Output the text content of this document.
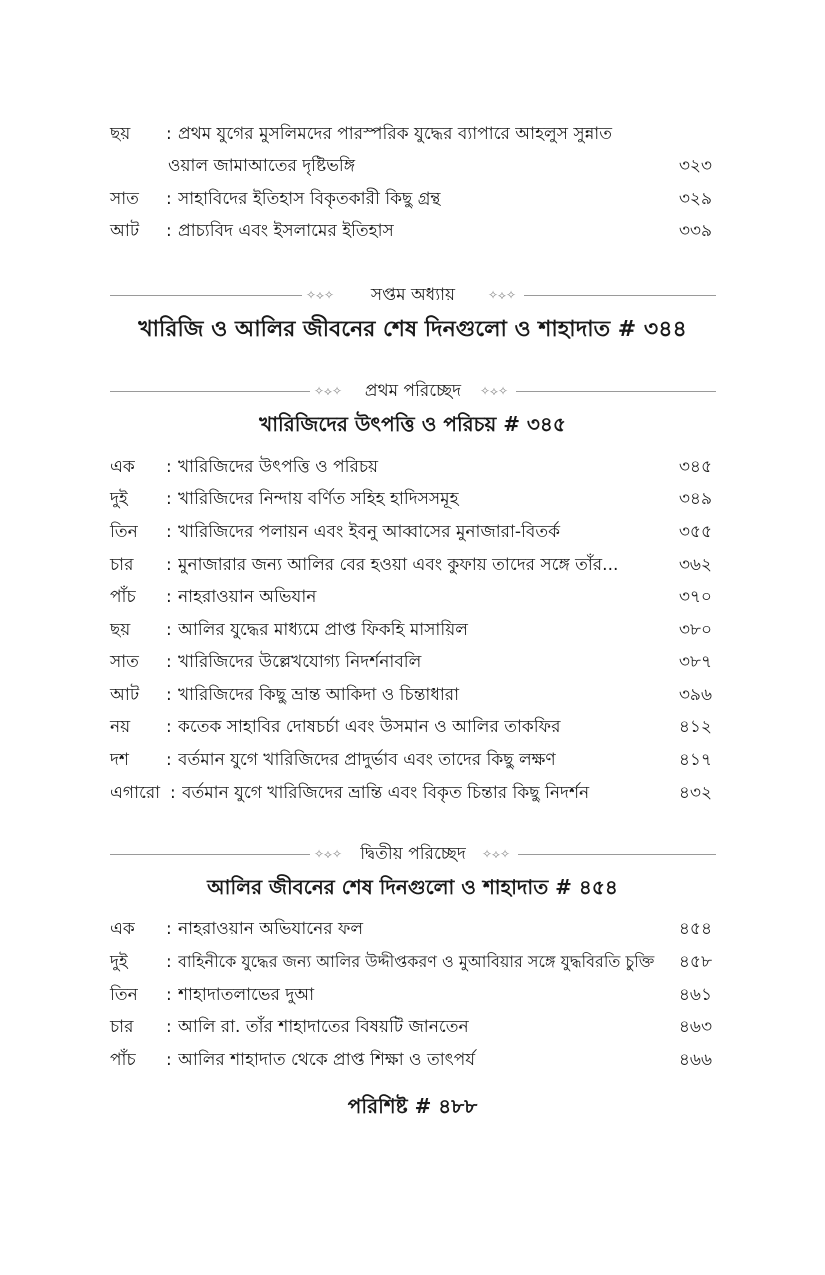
ছয় : প্রথম যুগের মুসলিমদের পারস্পরিক যুদ্ধের ব্যাপারে আহলুস সুন্নাত
ওয়াল জামাআতের দৃষ্টিভঙ্গি	৩২৩
সাত : সাহাবিদের ইতিহাস বিকৃতকারী কিছু গ্রন্থ	৩২৯
আট : প্রাচ্যবিদ এবং ইসলামের ইতিহাস	৩৩৯
✧⟡✧	সপ্তম অধ্যায়	✧⟡✧
খারিজি ও আলির জীবনের শেষ দিনগুলো ও শাহাদাত # ৩৪৪
✧⟡✧	প্রথম পরিচ্ছেদ	✧⟡✧
খারিজিদের উৎপত্তি ও পরিচয় # ৩৪৫
এক : খারিজিদের উৎপত্তি ও পরিচয়	৩৪৫
দুই : খারিজিদের নিন্দায় বর্ণিত সহিহ হাদিসসমূহ	৩৪৯
তিন : খারিজিদের পলায়ন এবং ইবনু আব্বাসের মুনাজারা-বিতর্ক	৩৫৫
চার : মুনাজারার জন্য আলির বের হওয়া এবং কুফায় তাদের সঙ্গে তাঁর...	৩৬২
পাঁচ : নাহরাওয়ান অভিযান	৩৭০
ছয় : আলির যুদ্ধের মাধ্যমে প্রাপ্ত ফিকহি মাসায়িল	৩৮০
সাত : খারিজিদের উল্লেখযোগ্য নিদর্শনাবলি	৩৮৭
আট : খারিজিদের কিছু ভ্রান্ত আকিদা ও চিন্তাধারা	৩৯৬
নয় : কতেক সাহাবির দোষচর্চা এবং উসমান ও আলির তাকফির	৪১২
দশ : বর্তমান যুগে খারিজিদের প্রাদুর্ভাব এবং তাদের কিছু লক্ষণ	৪১৭
এগারো : বর্তমান যুগে খারিজিদের ভ্রান্তি এবং বিকৃত চিন্তার কিছু নিদর্শন	৪৩২
✧⟡✧	দ্বিতীয় পরিচ্ছেদ	✧⟡✧
আলির জীবনের শেষ দিনগুলো ও শাহাদাত # ৪৫৪
এক : নাহরাওয়ান অভিযানের ফল	৪৫৪
দুই : বাহিনীকে যুদ্ধের জন্য আলির উদ্দীপ্তকরণ ও মুআবিয়ার সঙ্গে যুদ্ধবিরতি চুক্তি	৪৫৮
তিন : শাহাদাতলাভের দুআ	৪৬১
চার : আলি রা. তাঁর শাহাদাতের বিষয়টি জানতেন	৪৬৩
পাঁচ : আলির শাহাদাত থেকে প্রাপ্ত শিক্ষা ও তাৎপর্য	৪৬৬
পরিশিষ্ট # ৪৮৮
